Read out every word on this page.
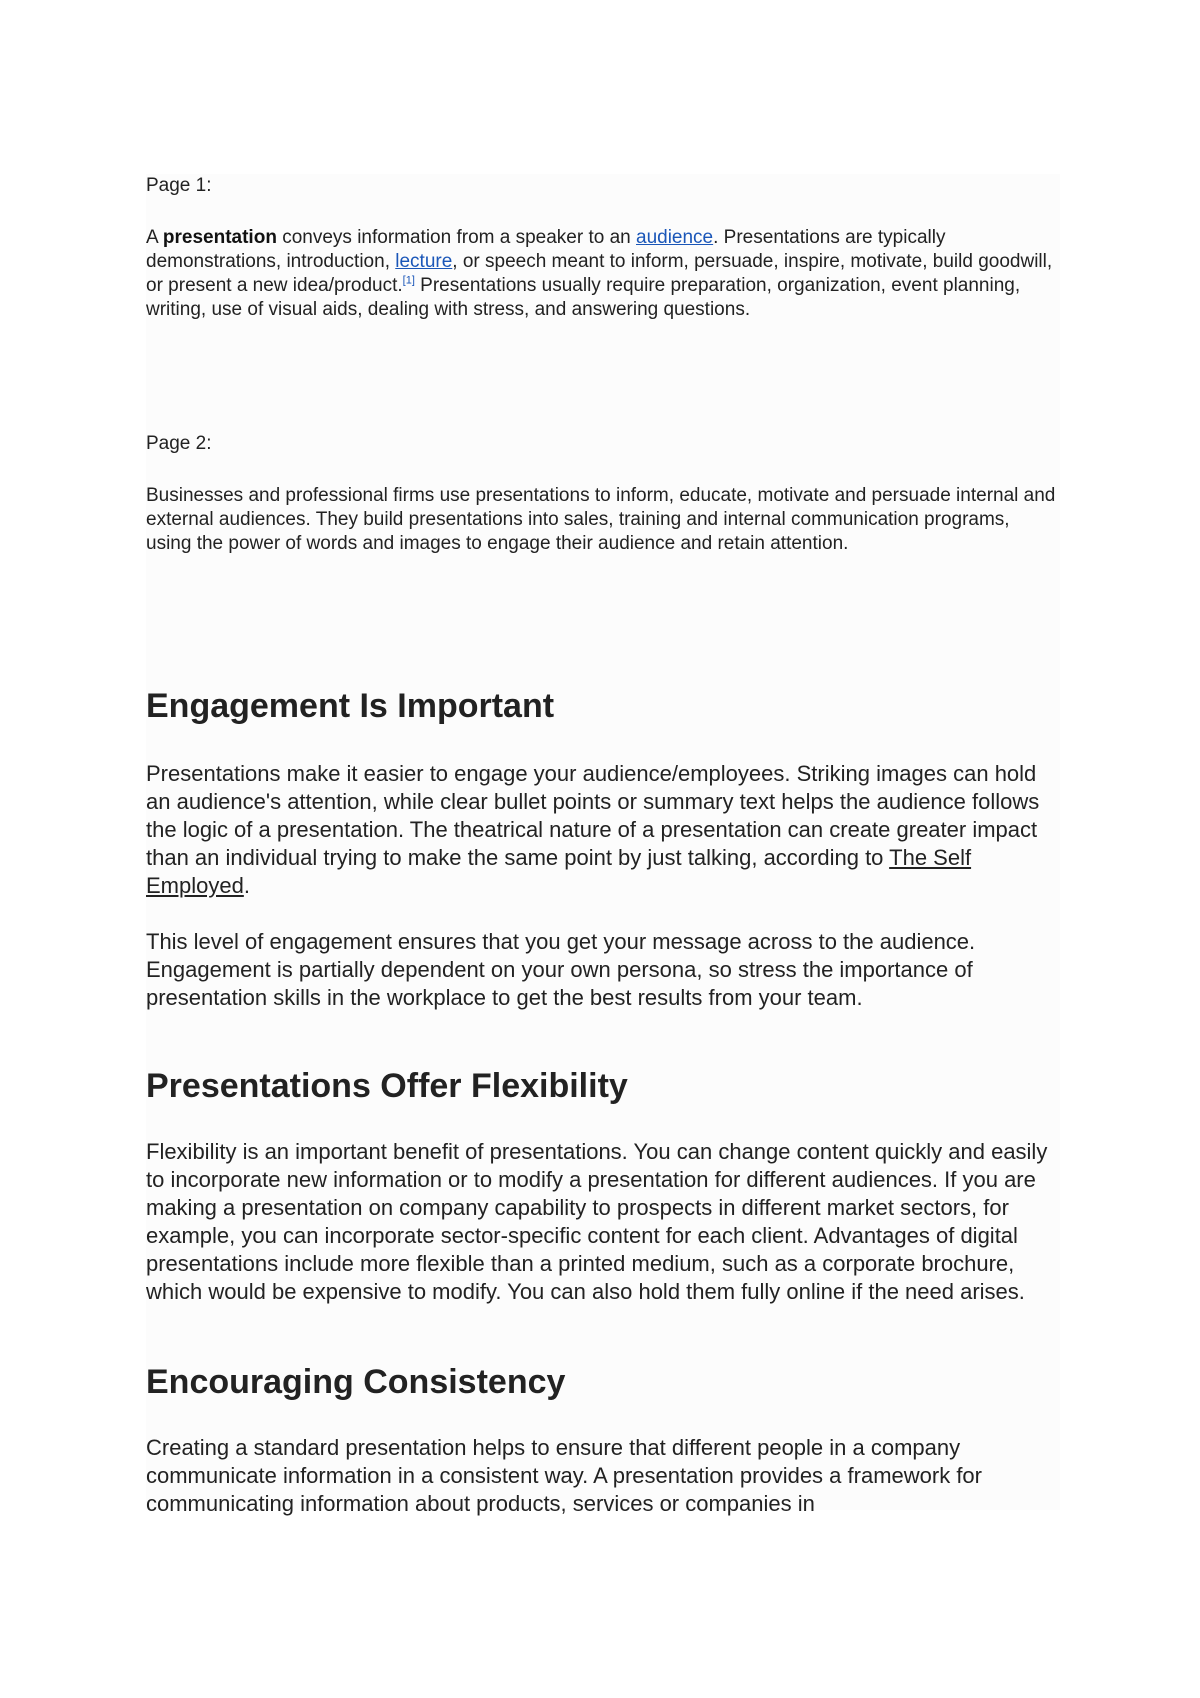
Page 1:

A presentation conveys information from a speaker to an audience. Presentations are typically demonstrations, introduction, lecture, or speech meant to inform, persuade, inspire, motivate, build goodwill, or present a new idea/product.[1] Presentations usually require preparation, organization, event planning, writing, use of visual aids, dealing with stress, and answering questions.

Page 2:

Businesses and professional firms use presentations to inform, educate, motivate and persuade internal and external audiences. They build presentations into sales, training and internal communication programs, using the power of words and images to engage their audience and retain attention.

Engagement Is Important

Presentations make it easier to engage your audience/employees. Striking images can hold an audience's attention, while clear bullet points or summary text helps the audience follows the logic of a presentation. The theatrical nature of a presentation can create greater impact than an individual trying to make the same point by just talking, according to The Self Employed.

This level of engagement ensures that you get your message across to the audience. Engagement is partially dependent on your own persona, so stress the importance of presentation skills in the workplace to get the best results from your team.

Presentations Offer Flexibility

Flexibility is an important benefit of presentations. You can change content quickly and easily to incorporate new information or to modify a presentation for different audiences. If you are making a presentation on company capability to prospects in different market sectors, for example, you can incorporate sector-specific content for each client. Advantages of digital presentations include more flexible than a printed medium, such as a corporate brochure, which would be expensive to modify. You can also hold them fully online if the need arises.

Encouraging Consistency

Creating a standard presentation helps to ensure that different people in a company communicate information in a consistent way. A presentation provides a framework for communicating information about products, services or companies in
